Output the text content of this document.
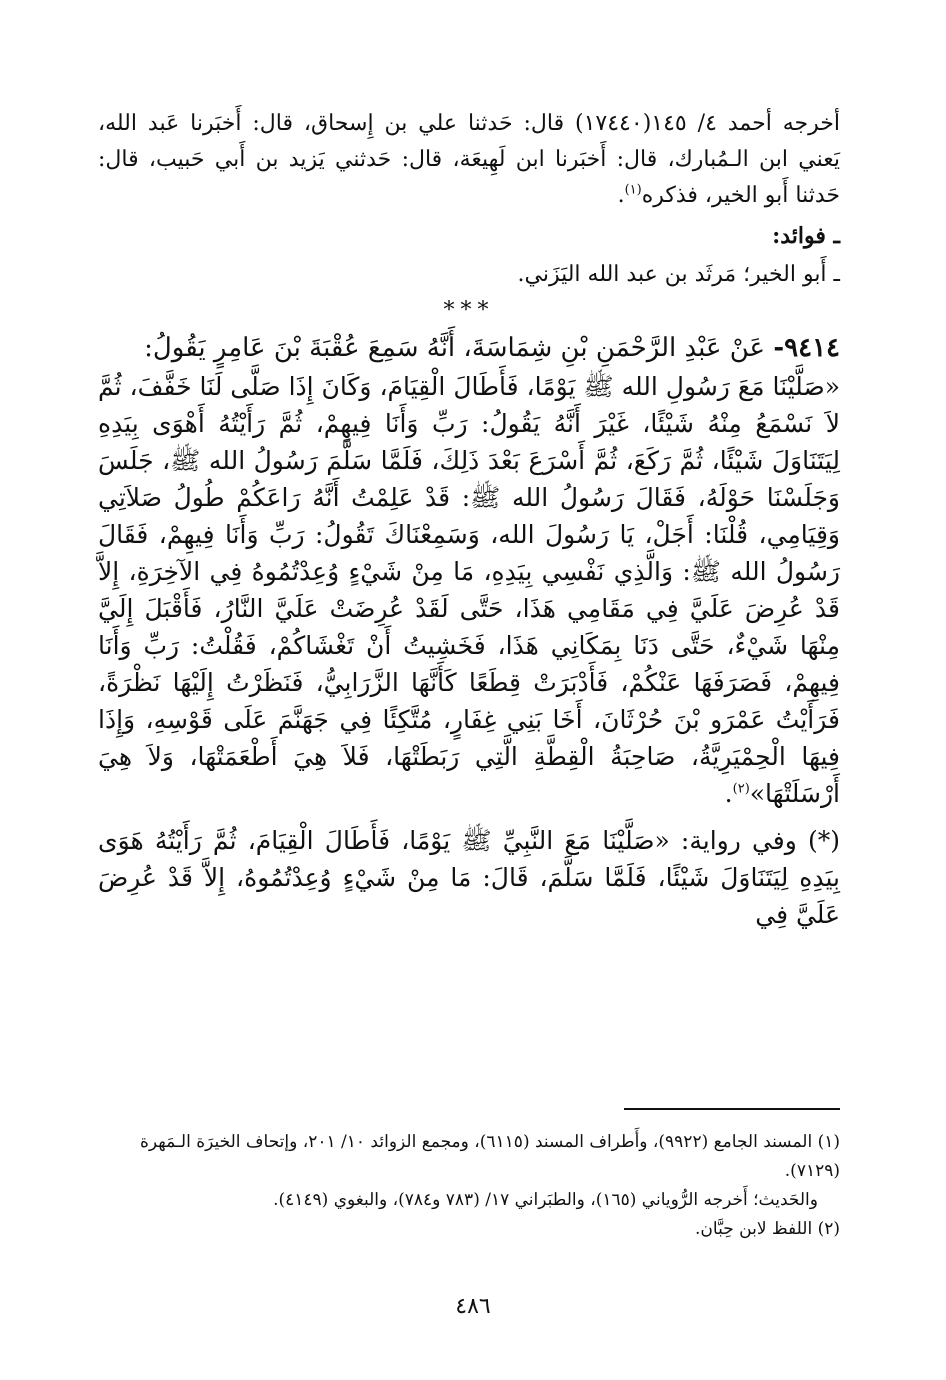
أخرجه أحمد ٤/ ١٤٥(١٧٤٤٠) قال: حَدثنا علي بن إِسحاق، قال: أَخبَرنا عَبد الله، يَعني ابن الـمُبارك، قال: أَخبَرنا ابن لَهِيعَة، قال: حَدثني يَزيد بن أَبي حَبيب، قال: حَدثنا أَبو الخير، فذكره$^{(١)}$.

ـ فوائد:

ـ أَبو الخير؛ مَرثَد بن عبد الله اليَزَني.

***

٩٤١٤- عَنْ عَبْدِ الرَّحْمَنِ بْنِ شِمَاسَةَ، أَنَّهُ سَمِعَ عُقْبَةَ بْنَ عَامِرٍ يَقُولُ:

«صَلَّيْنَا مَعَ رَسُولِ الله ﷺ يَوْمًا، فَأَطَالَ الْقِيَامَ، وَكَانَ إِذَا صَلَّى لَنَا خَفَّفَ، ثُمَّ لاَ نَسْمَعُ مِنْهُ شَيْئًا، غَيْرَ أَنَّهُ يَقُولُ: رَبِّ وَأَنَا فِيهِمْ، ثُمَّ رَأَيْتُهُ أَهْوَى بِيَدِهِ لِيَتَنَاوَلَ شَيْئًا، ثُمَّ رَكَعَ، ثُمَّ أَسْرَعَ بَعْدَ ذَلِكَ، فَلَمَّا سَلَّمَ رَسُولُ الله ﷺ، جَلَسَ وَجَلَسْنَا حَوْلَهُ، فَقَالَ رَسُولُ الله ﷺ: قَدْ عَلِمْتُ أَنَّهُ رَاعَكُمْ طُولُ صَلاَتِي وَقِيَامِي، قُلْنَا: أَجَلْ، يَا رَسُولَ الله، وَسَمِعْنَاكَ تَقُولُ: رَبِّ وَأَنَا فِيهِمْ، فَقَالَ رَسُولُ الله ﷺ: وَالَّذِي نَفْسِي بِيَدِهِ، مَا مِنْ شَيْءٍ وُعِدْتُمُوهُ فِي الآخِرَةِ، إِلاَّ قَدْ عُرِضَ عَلَيَّ فِي مَقَامِي هَذَا، حَتَّى لَقَدْ عُرِضَتْ عَلَيَّ النَّارُ، فَأَقْبَلَ إِلَيَّ مِنْهَا شَيْءٌ، حَتَّى دَنَا بِمَكَانِي هَذَا، فَخَشِيتُ أَنْ تَغْشَاكُمْ، فَقُلْتُ: رَبِّ وَأَنَا فِيهِمْ، فَصَرَفَهَا عَنْكُمْ، فَأَدْبَرَتْ قِطَعًا كَأَنَّهَا الزَّرَابِيُّ، فَنَظَرْتُ إِلَيْهَا نَظْرَةً، فَرَأَيْتُ عَمْرَو بْنَ حُرْثَانَ، أَخَا بَنِي غِفَارٍ، مُتَّكِئًا فِي جَهَنَّمَ عَلَى قَوْسِهِ، وَإِذَا فِيهَا الْحِمْيَرِيَّةُ، صَاحِبَةُ الْقِطَّةِ الَّتِي رَبَطَتْهَا، فَلاَ هِيَ أَطْعَمَتْهَا، وَلاَ هِيَ أَرْسَلَتْهَا»$^{(٢)}$.

(*) وفي رواية: «صَلَّيْنَا مَعَ النَّبِيِّ ﷺ يَوْمًا، فَأَطَالَ الْقِيَامَ، ثُمَّ رَأَيْتُهُ هَوَى بِيَدِهِ لِيَتَنَاوَلَ شَيْئًا، فَلَمَّا سَلَّمَ، قَالَ: مَا مِنْ شَيْءٍ وُعِدْتُمُوهُ، إِلاَّ قَدْ عُرِضَ عَلَيَّ فِي

(١) المسند الجامع (٩٩٢٢)، وأَطراف المسند (٦١١٥)، ومجمع الزوائد ١٠/ ٢٠١، وإتحاف الخيرَة الـمَهرة (٧١٢٩).

والحَديث؛ أَخرجه الرُّوياني (١٦٥)، والطبَراني ١٧/ (٧٨٣ و٧٨٤)، والبغوي (٤١٤٩).

(٢) اللفظ لابن حِبَّان.

٤٨٦
